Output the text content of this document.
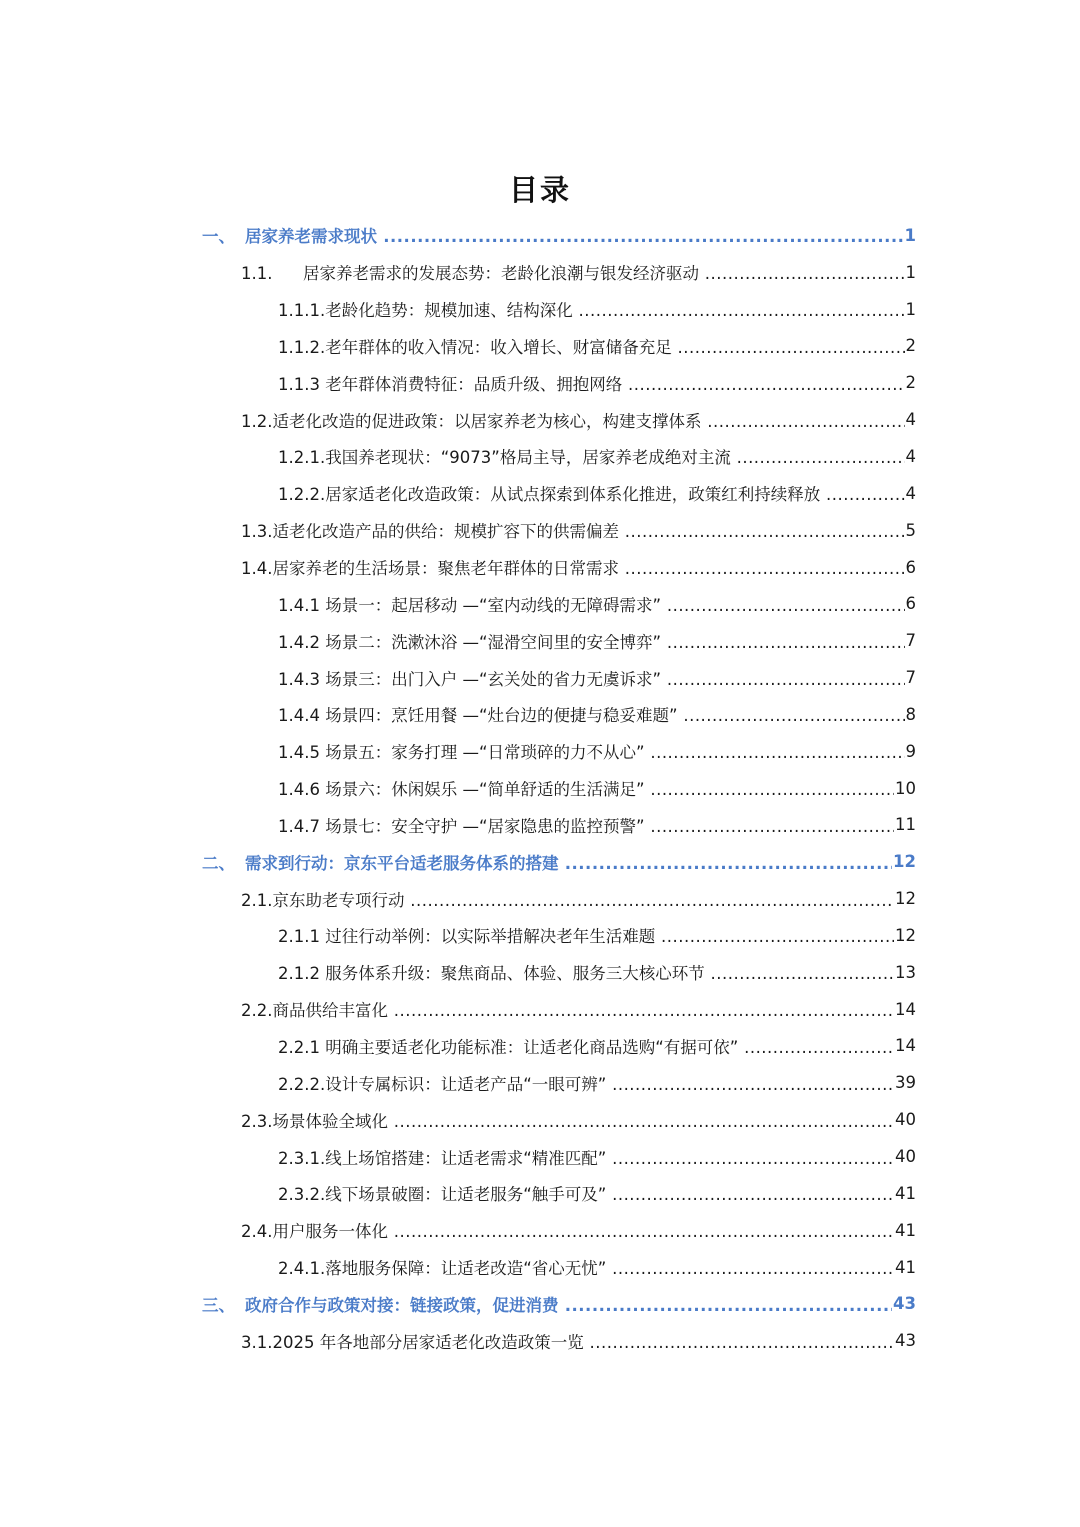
目录
一、 居家养老需求现状 .....	1
1.1. 居家养老需求的发展态势：老龄化浪潮与银发经济驱动 .....	1
1.1.1.老龄化趋势：规模加速、结构深化 .....	1
1.1.2.老年群体的收入情况：收入增长、财富储备充足 .....	2
1.1.3 老年群体消费特征：品质升级、拥抱网络 .....	2
1.2.适老化改造的促进政策：以居家养老为核心，构建支撑体系 .....	4
1.2.1.我国养老现状：“9073”格局主导，居家养老成绝对主流 .....	4
1.2.2.居家适老化改造政策：从试点探索到体系化推进，政策红利持续释放 .....	4
1.3.适老化改造产品的供给：规模扩容下的供需偏差 .....	5
1.4.居家养老的生活场景：聚焦老年群体的日常需求 .....	6
1.4.1 场景一：起居移动 —“室内动线的无障碍需求” .....	6
1.4.2 场景二：洗漱沐浴 —“湿滑空间里的安全博弈” .....	7
1.4.3 场景三：出门入户 —“玄关处的省力无虞诉求” .....	7
1.4.4 场景四：烹饪用餐 —“灶台边的便捷与稳妥难题” .....	8
1.4.5 场景五：家务打理 —“日常琐碎的力不从心” .....	9
1.4.6 场景六：休闲娱乐 —“简单舒适的生活满足” .....	10
1.4.7 场景七：安全守护 —“居家隐患的监控预警” .....	11
二、 需求到行动：京东平台适老服务体系的搭建 .....	12
2.1.京东助老专项行动 .....	12
2.1.1 过往行动举例：以实际举措解决老年生活难题 .....	12
2.1.2 服务体系升级：聚焦商品、体验、服务三大核心环节 .....	13
2.2.商品供给丰富化 .....	14
2.2.1 明确主要适老化功能标准：让适老化商品选购“有据可依” .....	14
2.2.2.设计专属标识：让适老产品“一眼可辨” .....	39
2.3.场景体验全域化 .....	40
2.3.1.线上场馆搭建：让适老需求“精准匹配” .....	40
2.3.2.线下场景破圈：让适老服务“触手可及” .....	41
2.4.用户服务一体化 .....	41
2.4.1.落地服务保障：让适老改造“省心无忧” .....	41
三、 政府合作与政策对接：链接政策，促进消费 .....	43
3.1.2025 年各地部分居家适老化改造政策一览 .....	43
